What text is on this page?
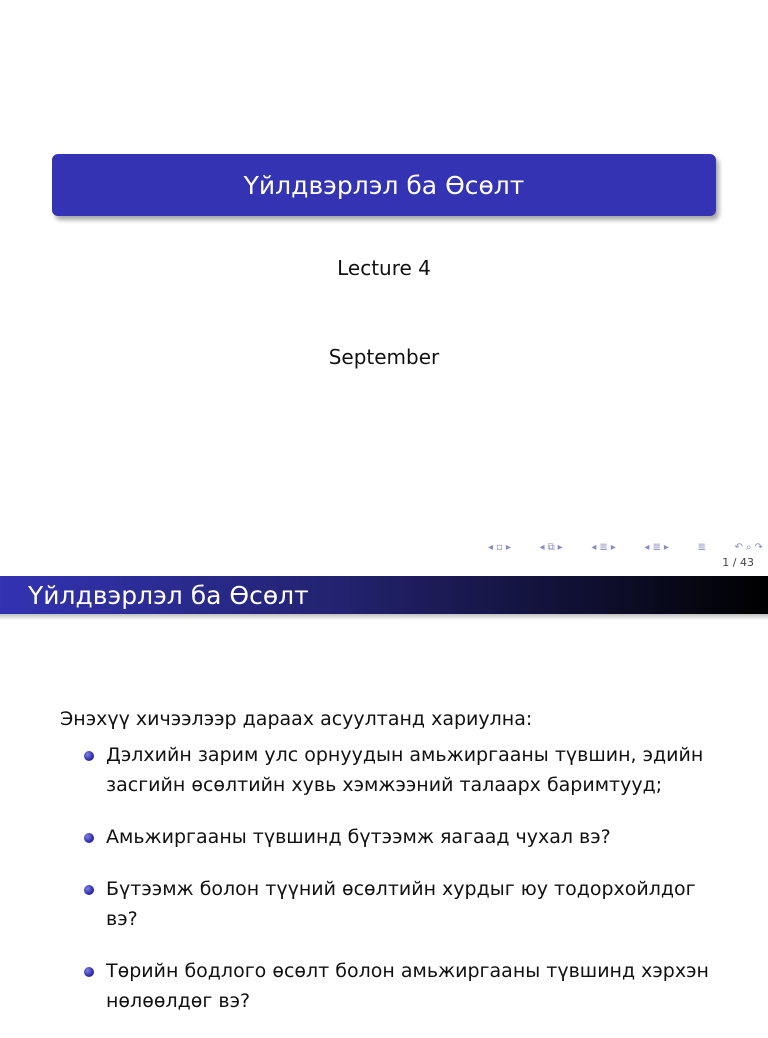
Үйлдвэрлэл ба Өсөлт
Lecture 4
September
◂ ▫ ▸	◂ ⧉ ▸	◂ ≣ ▸	◂ ≣ ▸	≣	↶ ⌕ ↷
1 / 43
Үйлдвэрлэл ба Өсөлт
Энэхүү хичээлээр дараах асуултанд хариулна:
Дэлхийн зарим улс орнуудын амьжиргааны түвшин, эдийн засгийн өсөлтийн хувь хэмжээний талаарх баримтууд;
Амьжиргааны түвшинд бүтээмж яагаад чухал вэ?
Бүтээмж болон түүний өсөлтийн хурдыг юу тодорхойлдог вэ?
Төрийн бодлого өсөлт болон амьжиргааны түвшинд хэрхэн нөлөөлдөг вэ?
